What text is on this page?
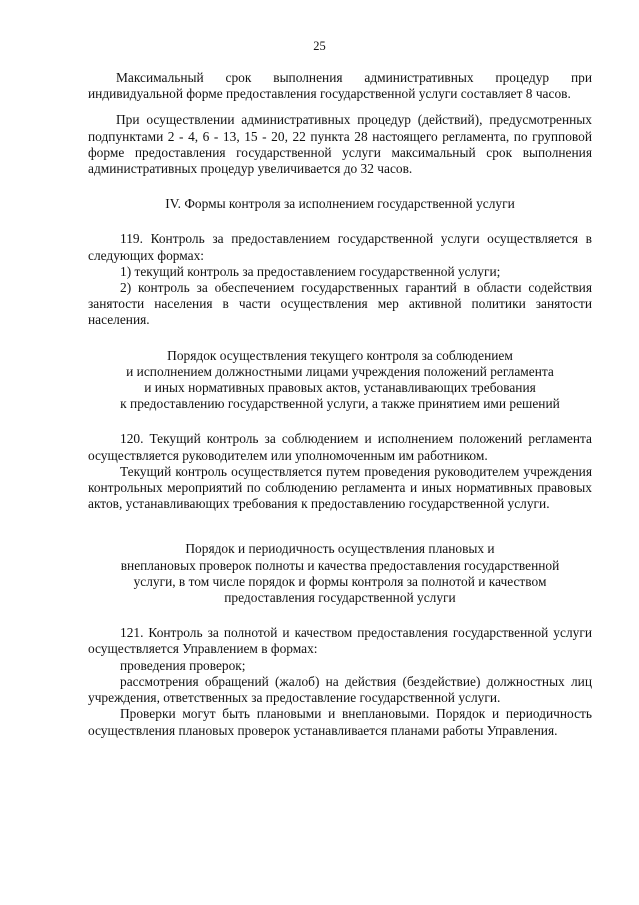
25

Максимальный срок выполнения административных процедур при индивидуальной форме предоставления государственной услуги составляет 8 часов.

При осуществлении административных процедур (действий), предусмотренных подпунктами 2 - 4, 6 - 13, 15 - 20, 22 пункта 28 настоящего регламента, по групповой форме предоставления государственной услуги максимальный срок выполнения административных процедур увеличивается до 32 часов.

IV. Формы контроля за исполнением государственной услуги

119. Контроль за предоставлением государственной услуги осуществляется в следующих формах:

1) текущий контроль за предоставлением государственной услуги;

2) контроль за обеспечением государственных гарантий в области содействия занятости населения в части осуществления мер активной политики занятости населения.

Порядок осуществления текущего контроля за соблюдением
и исполнением должностными лицами учреждения положений регламента
и иных нормативных правовых актов, устанавливающих требования
к предоставлению государственной услуги, а также принятием ими решений

120. Текущий контроль за соблюдением и исполнением положений регламента осуществляется руководителем или уполномоченным им работником.

Текущий контроль осуществляется путем проведения руководителем учреждения контрольных мероприятий по соблюдению регламента и иных нормативных правовых актов, устанавливающих требования к предоставлению государственной услуги.

Порядок и периодичность осуществления плановых и
внеплановых проверок полноты и качества предоставления государственной
услуги, в том числе порядок и формы контроля за полнотой и качеством
предоставления государственной услуги

121. Контроль за полнотой и качеством предоставления государственной услуги осуществляется Управлением в формах:

проведения проверок;

рассмотрения обращений (жалоб) на действия (бездействие) должностных лиц учреждения, ответственных за предоставление государственной услуги.

Проверки могут быть плановыми и внеплановыми. Порядок и периодичность осуществления плановых проверок устанавливается планами работы Управления.
